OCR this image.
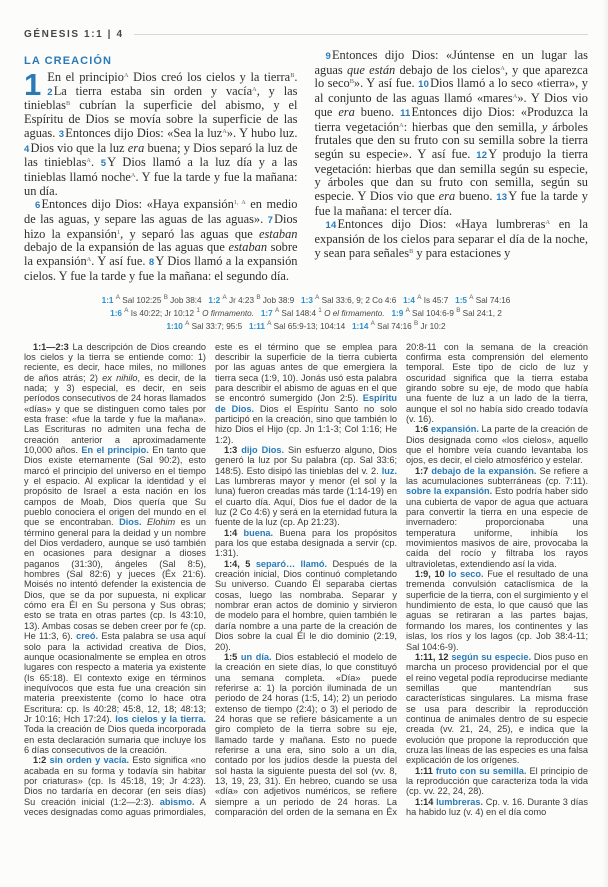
GÉNESIS 1:1 | 4
LA CREACIÓN

1 En el principio$^A$ Dios creó los cielos y la tierra$^B$. 2La tierra estaba sin orden y vacía$^A$, y las tinieblas$^B$ cubrían la superficie del abismo, y el Espíritu de Dios se movía sobre la superficie de las aguas. 3Entonces dijo Dios: «Sea la luz$^A$». Y hubo luz. 4Dios vio que la luz era buena; y Dios separó la luz de las tinieblas$^A$. 5Y Dios llamó a la luz día y a las tinieblas llamó noche$^A$. Y fue la tarde y fue la mañana: un día.

6Entonces dijo Dios: «Haya expansión$^{1, A}$ en medio de las aguas, y separe las aguas de las aguas». 7Dios hizo la expansión$^1$, y separó las aguas que estaban debajo de la expansión de las aguas que estaban sobre la expansión$^A$. Y así fue. 8Y Dios llamó a la expansión cielos. Y fue la tarde y fue la mañana: el segundo día.

9Entonces dijo Dios: «Júntense en un lugar las aguas que están debajo de los cielos$^A$, y que aparezca lo seco$^B$». Y así fue. 10Dios llamó a lo seco «tierra», y al conjunto de las aguas llamó «mares$^A$». Y Dios vio que era bueno. 11Entonces dijo Dios: «Produzca la tierra vegetación$^A$: hierbas que den semilla, y árboles frutales que den su fruto con su semilla sobre la tierra según su especie». Y así fue. 12Y produjo la tierra vegetación: hierbas que dan semilla según su especie, y árboles que dan su fruto con semilla, según su especie. Y Dios vio que era bueno. 13Y fue la tarde y fue la mañana: el tercer día.

14Entonces dijo Dios: «Haya lumbreras$^A$ en la expansión de los cielos para separar el día de la noche, y sean para señales$^B$ y para estaciones y

1:1 $^A$ Sal 102:25 $^B$ Job 38:4   1:2 $^A$ Jr 4:23 $^B$ Job 38:9   1:3 $^A$ Sal 33:6, 9; 2 Co 4:6   1:4 $^A$ Is 45:7   1:5 $^A$ Sal 74:16
1:6 $^A$ Is 40:22; Jr 10:12 $^1$ O firmamento. 1:7 $^A$ Sal 148:4 $^1$ O el firmamento. 1:9 $^A$ Sal 104:6-9 $^B$ Sal 24:1, 2
1:10 $^A$ Sal 33:7; 95:5   1:11 $^A$ Sal 65:9-13; 104:14   1:14 $^A$ Sal 74:16 $^B$ Jr 10:2

1:1—2:3 La descripción de Dios creando los cielos y la tierra se entiende como: 1) reciente, es decir, hace miles, no millones de años atrás; 2) ex nihilo, es decir, de la nada; y 3) especial, es decir, en seis períodos consecutivos de 24 horas llamados «días» y que se distinguen como tales por esta frase: «fue la tarde y fue la mañana». Las Escrituras no admiten una fecha de creación anterior a aproximadamente 10,000 años. En el principio. En tanto que Dios existe eternamente (Sal 90:2), esto marcó el principio del universo en el tiempo y el espacio. Al explicar la identidad y el propósito de Israel a esta nación en los campos de Moab, Dios quería que Su pueblo conociera el origen del mundo en el que se encontraban. Dios. Elohim es un término general para la deidad y un nombre del Dios verdadero, aunque se usó también en ocasiones para designar a dioses paganos (31:30), ángeles (Sal 8:5), hombres (Sal 82:6) y jueces (Éx 21:6). Moisés no intentó defender la existencia de Dios, que se da por supuesta, ni explicar cómo era Él en Su persona y Sus obras; esto se trata en otras partes (cp. Is 43:10, 13). Ambas cosas se deben creer por fe (cp. He 11:3, 6). creó. Esta palabra se usa aquí solo para la actividad creativa de Dios, aunque ocasionalmente se emplea en otros lugares con respecto a materia ya existente (Is 65:18). El contexto exige en términos inequívocos que esta fue una creación sin materia preexistente (como lo hace otra Escritura: cp. Is 40:28; 45:8, 12, 18; 48:13; Jr 10:16; Hch 17:24). los cielos y la tierra. Toda la creación de Dios queda incorporada en esta declaración sumaria que incluye los 6 días consecutivos de la creación.

1:2 sin orden y vacía. Esto significa «no acabada en su forma y todavía sin habitar por criaturas» (cp. Is 45:18, 19; Jr 4:23). Dios no tardaría en decorar (en seis días) Su creación inicial (1:2—2:3). abismo. A veces designadas como aguas primordiales, este es el término que se emplea para describir la superficie de la tierra cubierta por las aguas antes de que emergiera la tierra seca (1:9, 10). Jonás usó esta palabra para describir el abismo de aguas en el que se encontró sumergido (Jon 2:5). Espíritu de Dios. Dios el Espíritu Santo no solo participó en la creación, sino que también lo hizo Dios el Hijo (cp. Jn 1:1-3; Col 1:16; He 1:2).

1:3 dijo Dios. Sin esfuerzo alguno, Dios generó la luz por Su palabra (cp. Sal 33:6; 148:5). Esto disipó las tinieblas del v. 2. luz. Las lumbreras mayor y menor (el sol y la luna) fueron creadas más tarde (1:14-19) en el cuarto día. Aquí, Dios fue el dador de la luz (2 Co 4:6) y será en la eternidad futura la fuente de la luz (cp. Ap 21:23).

1:4 buena. Buena para los propósitos para los que estaba designada a servir (cp. 1:31).

1:4, 5 separó… llamó. Después de la creación inicial, Dios continuó completando Su universo. Cuando Él separaba ciertas cosas, luego las nombraba. Separar y nombrar eran actos de dominio y sirvieron de modelo para el hombre, quien también le daría nombre a una parte de la creación de Dios sobre la cual Él le dio dominio (2:19, 20).

1:5 un día. Dios estableció el modelo de la creación en siete días, lo que constituyó una semana completa. «Día» puede referirse a: 1) la porción iluminada de un periodo de 24 horas (1:5, 14); 2) un periodo extenso de tiempo (2:4); o 3) el periodo de 24 horas que se refiere básicamente a un giro completo de la tierra sobre su eje, llamado tarde y mañana. Esto no puede referirse a una era, sino solo a un día, contado por los judíos desde la puesta del sol hasta la siguiente puesta del sol (vv. 8, 13, 19, 23, 31). En hebreo, cuando se usa «día» con adjetivos numéricos, se refiere siempre a un periodo de 24 horas. La comparación del orden de la semana en Éx 20:8-11 con la semana de la creación confirma esta comprensión del elemento temporal. Este tipo de ciclo de luz y oscuridad significa que la tierra estaba girando sobre su eje, de modo que había una fuente de luz a un lado de la tierra, aunque el sol no había sido creado todavía (v. 16).

1:6 expansión. La parte de la creación de Dios designada como «los cielos», aquello que el hombre veía cuando levantaba los ojos, es decir, el cielo atmosférico y estelar.

1:7 debajo de la expansión. Se refiere a las acumulaciones subterráneas (cp. 7:11). sobre la expansión. Esto podría haber sido una cubierta de vapor de agua que actuara para convertir la tierra en una especie de invernadero: proporcionaba una temperatura uniforme, inhibía los movimientos masivos de aire, provocaba la caída del rocío y filtraba los rayos ultravioletas, extendiendo así la vida.

1:9, 10 lo seco. Fue el resultado de una tremenda convulsión cataclísmica de la superficie de la tierra, con el surgimiento y el hundimiento de esta, lo que causó que las aguas se retiraran a las partes bajas, formando los mares, los continentes y las islas, los ríos y los lagos (cp. Job 38:4-11; Sal 104:6-9).

1:11, 12 según su especie. Dios puso en marcha un proceso providencial por el que el reino vegetal podía reproducirse mediante semillas que mantendrían sus características singulares. La misma frase se usa para describir la reproducción continua de animales dentro de su especie creada (vv. 21, 24, 25), e indica que la evolución que propone la reproducción que cruza las líneas de las especies es una falsa explicación de los orígenes.

1:11 fruto con su semilla. El principio de la reproducción que caracteriza toda la vida (cp. vv. 22, 24, 28).

1:14 lumbreras. Cp. v. 16. Durante 3 días ha habido luz (v. 4) en el día como
